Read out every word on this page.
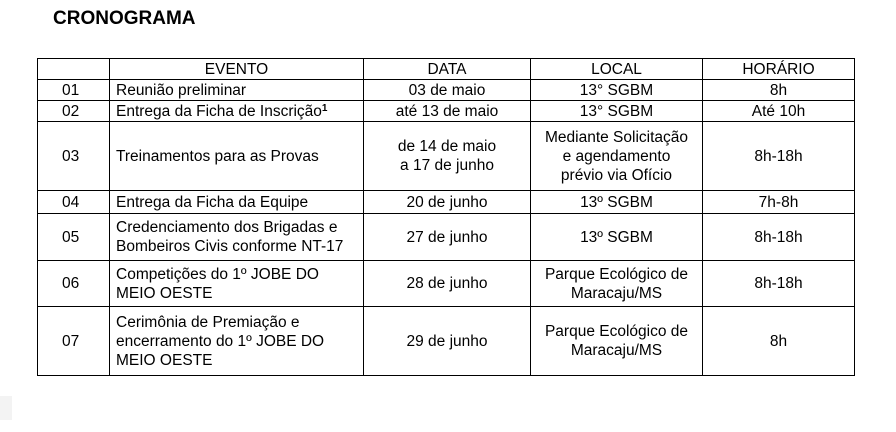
CRONOGRAMA
	EVENTO	DATA	LOCAL	HORÁRIO
01	Reunião preliminar	03 de maio	13° SGBM	8h
02	Entrega da Ficha de Inscrição$^1$	até 13 de maio	13° SGBM	Até 10h
03	Treinamentos para as Provas	de 14 de maio
a 17 de junho	Mediante Solicitação
e agendamento
prévio via Ofício	8h-18h
04	Entrega da Ficha da Equipe	20 de junho	13º SGBM	7h-8h
05	Credenciamento dos Brigadas e
Bombeiros Civis conforme NT-17	27 de junho	13º SGBM	8h-18h
06	Competições do 1º JOBE DO
MEIO OESTE	28 de junho	Parque Ecológico de
Maracaju/MS	8h-18h
07	Cerimônia de Premiação e
encerramento do 1º JOBE DO
MEIO OESTE	29 de junho	Parque Ecológico de
Maracaju/MS	8h
